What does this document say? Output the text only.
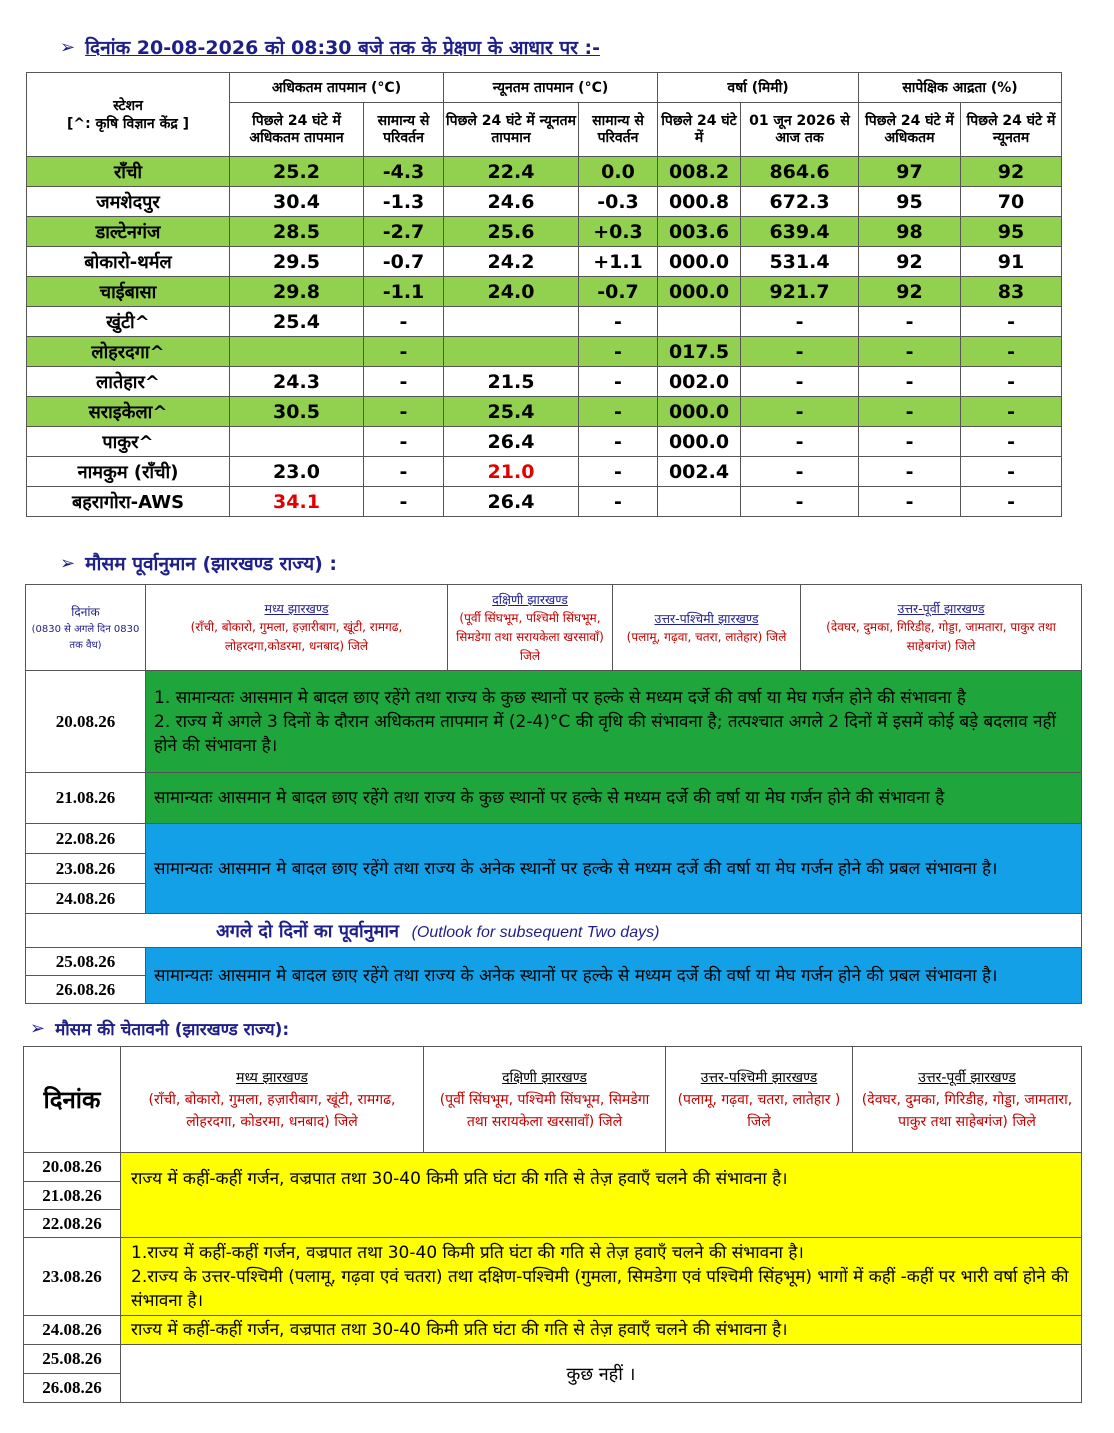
➢ दिनांक 20-08-2026 को 08:30 बजे तक के प्रेक्षण के आधार पर :-
स्टेशन
[^: कृषि विज्ञान केंद्र ]	अधिकतम तापमान (°C)		न्यूनतम तापमान (°C)		वर्षा (मिमी)		सापेक्षिक आद्रता (%)	
	पिछले 24 घंटे में अधिकतम तापमान	सामान्य से परिवर्तन	पिछले 24 घंटे में न्यूनतम तापमान	सामान्य से परिवर्तन	पिछले 24 घंटे में	01 जून 2026 से आज तक	पिछले 24 घंटे में अधिकतम	पिछले 24 घंटे में न्यूनतम
राँची	25.2	-4.3	22.4	0.0	008.2	864.6	97	92
जमशेदपुर	30.4	-1.3	24.6	-0.3	000.8	672.3	95	70
डाल्टेनगंज	28.5	-2.7	25.6	+0.3	003.6	639.4	98	95
बोकारो-थर्मल	29.5	-0.7	24.2	+1.1	000.0	531.4	92	91
चाईबासा	29.8	-1.1	24.0	-0.7	000.0	921.7	92	83
खुंटी^	25.4	-		-		-	-	-
लोहरदगा^		-		-	017.5	-	-	-
लातेहार^	24.3	-	21.5	-	002.0	-	-	-
सराइकेला^	30.5	-	25.4	-	000.0	-	-	-
पाकुर^		-	26.4	-	000.0	-	-	-
नामकुम (राँची)	23.0	-	21.0	-	002.4	-	-	-
बहरागोरा-AWS	34.1	-	26.4	-		-	-	-
➢ मौसम पूर्वानुमान (झारखण्ड राज्य) :
दिनांक
(0830 से अगले दिन 0830 तक वैध)	मध्य झारखण्ड
(राँची, बोकारो, गुमला, हज़ारीबाग, खूंटी, रामगढ, लोहरदगा,कोडरमा, धनबाद) जिले	दक्षिणी झारखण्ड
(पूर्वी सिंघभूम, पश्चिमी सिंघभूम, सिमडेगा तथा सरायकेला खरसावाँ) जिले	उत्तर-पश्चिमी झारखण्ड
(पलामू, गढ़वा, चतरा, लातेहार) जिले	उत्तर-पूर्वी झारखण्ड
(देवघर, दुमका, गिरिडीह, गोड्डा, जामतारा, पाकुर तथा साहेबगंज) जिले
20.08.26	1. सामान्यतः आसमान मे बादल छाए रहेंगे तथा राज्य के कुछ स्थानों पर हल्के से मध्यम दर्जे की वर्षा या मेघ गर्जन होने की संभावना है
2. राज्य में अगले 3 दिनों के दौरान अधिकतम तापमान में (2-4)°C की वृधि की संभावना है; तत्पश्चात अगले 2 दिनों में इसमें कोई बड़े बदलाव नहीं होने की संभावना है।			
21.08.26	सामान्यतः आसमान मे बादल छाए रहेंगे तथा राज्य के कुछ स्थानों पर हल्के से मध्यम दर्जे की वर्षा या मेघ गर्जन होने की संभावना है			
22.08.26	सामान्यतः आसमान मे बादल छाए रहेंगे तथा राज्य के अनेक स्थानों पर हल्के से मध्यम दर्जे की वर्षा या मेघ गर्जन होने की प्रबल संभावना है।			
23.08.26				
24.08.26				
अगले दो दिनों का पूर्वानुमान (Outlook for subsequent Two days)				
25.08.26	सामान्यतः आसमान मे बादल छाए रहेंगे तथा राज्य के अनेक स्थानों पर हल्के से मध्यम दर्जे की वर्षा या मेघ गर्जन होने की प्रबल संभावना है।			
26.08.26				
➢ मौसम की चेतावनी (झारखण्ड राज्य):
दिनांक	मध्य झारखण्ड
(राँची, बोकारो, गुमला, हज़ारीबाग, खूंटी, रामगढ, लोहरदगा, कोडरमा, धनबाद) जिले	दक्षिणी झारखण्ड
(पूर्वी सिंघभूम, पश्चिमी सिंघभूम, सिमडेगा तथा सरायकेला खरसावाँ) जिले	उत्तर-पश्चिमी झारखण्ड
(पलामू, गढ़वा, चतरा, लातेहार ) जिले	उत्तर-पूर्वी झारखण्ड
(देवघर, दुमका, गिरिडीह, गोड्डा, जामतारा, पाकुर तथा साहेबगंज) जिले
20.08.26	राज्य में कहीं-कहीं गर्जन, वज्रपात तथा 30-40 किमी प्रति घंटा की गति से तेज़ हवाएँ चलने की संभावना है।			
21.08.26				
22.08.26				
23.08.26	1.राज्य में कहीं-कहीं गर्जन, वज्रपात तथा 30-40 किमी प्रति घंटा की गति से तेज़ हवाएँ चलने की संभावना है।
2.राज्य के उत्तर-पश्चिमी (पलामू, गढ़वा एवं चतरा) तथा दक्षिण-पश्चिमी (गुमला, सिमडेगा एवं पश्चिमी सिंहभूम) भागों में कहीं -कहीं पर भारी वर्षा होने की संभावना है।			
24.08.26	राज्य में कहीं-कहीं गर्जन, वज्रपात तथा 30-40 किमी प्रति घंटा की गति से तेज़ हवाएँ चलने की संभावना है।			
25.08.26	कुछ नहीं ।			
26.08.26				
